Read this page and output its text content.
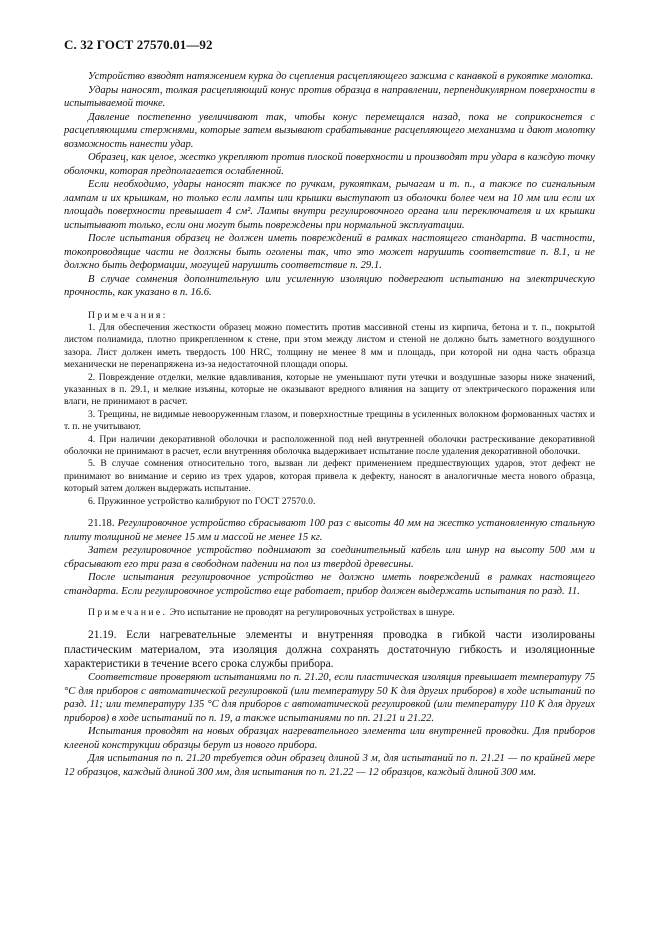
С. 32 ГОСТ 27570.01—92

Устройство взводят натяжением курка до сцепления расцепляющего зажима с канавкой в рукоятке молотка.

Удары наносят, толкая расцепляющий конус против образца в направлении, перпендикулярном поверхности в испытываемой точке.

Давление постепенно увеличивают так, чтобы конус перемещался назад, пока не соприкоснется с расцепляющими стержнями, которые затем вызывают срабатывание расцепляющего механизма и дают молотку возможность нанести удар.

Образец, как целое, жестко укрепляют против плоской поверхности и производят три удара в каждую точку оболочки, которая предполагается ослабленной.

Если необходимо, удары наносят также по ручкам, рукояткам, рычагам и т. п., а также по сигнальным лампам и их крышкам, но только если лампы или крышки выступают из оболочки более чем на 10 мм или если их площадь поверхности превышает 4 см². Лампы внутри регулировочного органа или переключателя и их крышки испытывают только, если они могут быть повреждены при нормальной эксплуатации.

После испытания образец не должен иметь повреждений в рамках настоящего стандарта. В частности, токопроводящие части не должны быть оголены так, что это может нарушить соответствие п. 8.1, и не должно быть деформации, могущей нарушить соответствие п. 29.1.

В случае сомнения дополнительную или усиленную изоляцию подвергают испытанию на электрическую прочность, как указано в п. 16.6.

Примечания:

1. Для обеспечения жесткости образец можно поместить против массивной стены из кирпича, бетона и т. п., покрытой листом полиамида, плотно прикрепленном к стене, при этом между листом и стеной не должно быть заметного воздушного зазора. Лист должен иметь твердость 100 HRC, толщину не менее 8 мм и площадь, при которой ни одна часть образца механически не перенапряжена из-за недостаточной площади опоры.

2. Повреждение отделки, мелкие вдавливания, которые не уменьшают пути утечки и воздушные зазоры ниже значений, указанных в п. 29.1, и мелкие изъяны, которые не оказывают вредного влияния на защиту от электрического поражения или влаги, не принимают в расчет.

3. Трещины, не видимые невооруженным глазом, и поверхностные трещины в усиленных волокном формованных частях и т. п. не учитывают.

4. При наличии декоративной оболочки и расположенной под ней внутренней оболочки растрескивание декоративной оболочки не принимают в расчет, если внутренняя оболочка выдерживает испытание после удаления декоративной оболочки.

5. В случае сомнения относительно того, вызван ли дефект применением предшествующих ударов, этот дефект не принимают во внимание и серию из трех ударов, которая привела к дефекту, наносят в аналогичные места нового образца, который затем должен выдержать испытание.

6. Пружинное устройство калибруют по ГОСТ 27570.0.

21.18. Регулировочное устройство сбрасывают 100 раз с высоты 40 мм на жестко установленную стальную плиту толщиной не менее 15 мм и массой не менее 15 кг.

Затем регулировочное устройство поднимают за соединительный кабель или шнур на высоту 500 мм и сбрасывают его три раза в свободном падении на пол из твердой древесины.

После испытания регулировочное устройство не должно иметь повреждений в рамках настоящего стандарта. Если регулировочное устройство еще работает, прибор должен выдержать испытания по разд. 11.

Примечание. Это испытание не проводят на регулировочных устройствах в шнуре.

21.19. Если нагревательные элементы и внутренняя проводка в гибкой части изолированы пластическим материалом, эта изоляция должна сохранять достаточную гибкость и изоляционные характеристики в течение всего срока службы прибора.

Соответствие проверяют испытаниями по п. 21.20, если пластическая изоляция превышает температуру 75 °С для приборов с автоматической регулировкой (или температуру 50 К для других приборов) в ходе испытаний по разд. 11; или температуру 135 °С для приборов с автоматической регулировкой (или температуру 110 К для других приборов) в ходе испытаний по п. 19, а также испытаниями по пп. 21.21 и 21.22.

Испытания проводят на новых образцах нагревательного элемента или внутренней проводки. Для приборов клееной конструкции образцы берут из нового прибора.

Для испытания по п. 21.20 требуется один образец длиной 3 м, для испытаний по п. 21.21 — по крайней мере 12 образцов, каждый длиной 300 мм, для испытания по п. 21.22 — 12 образцов, каждый длиной 300 мм.
